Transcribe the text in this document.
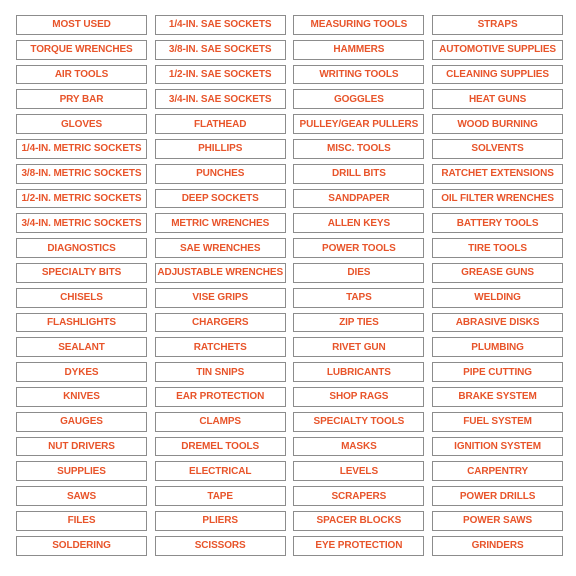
MOST USED	1/4-IN. SAE SOCKETS	MEASURING TOOLS	STRAPS
TORQUE WRENCHES	3/8-IN. SAE SOCKETS	HAMMERS	AUTOMOTIVE SUPPLIES
AIR TOOLS	1/2-IN. SAE SOCKETS	WRITING TOOLS	CLEANING SUPPLIES
PRY BAR	3/4-IN. SAE SOCKETS	GOGGLES	HEAT GUNS
GLOVES	FLATHEAD	PULLEY/GEAR PULLERS	WOOD BURNING
1/4-IN. METRIC SOCKETS	PHILLIPS	MISC. TOOLS	SOLVENTS
3/8-IN. METRIC SOCKETS	PUNCHES	DRILL BITS	RATCHET EXTENSIONS
1/2-IN. METRIC SOCKETS	DEEP SOCKETS	SANDPAPER	OIL FILTER WRENCHES
3/4-IN. METRIC SOCKETS	METRIC WRENCHES	ALLEN KEYS	BATTERY TOOLS
DIAGNOSTICS	SAE WRENCHES	POWER TOOLS	TIRE TOOLS
SPECIALTY BITS	ADJUSTABLE WRENCHES	DIES	GREASE GUNS
CHISELS	VISE GRIPS	TAPS	WELDING
FLASHLIGHTS	CHARGERS	ZIP TIES	ABRASIVE DISKS
SEALANT	RATCHETS	RIVET GUN	PLUMBING
DYKES	TIN SNIPS	LUBRICANTS	PIPE CUTTING
KNIVES	EAR PROTECTION	SHOP RAGS	BRAKE SYSTEM
GAUGES	CLAMPS	SPECIALTY TOOLS	FUEL SYSTEM
NUT DRIVERS	DREMEL TOOLS	MASKS	IGNITION SYSTEM
SUPPLIES	ELECTRICAL	LEVELS	CARPENTRY
SAWS	TAPE	SCRAPERS	POWER DRILLS
FILES	PLIERS	SPACER BLOCKS	POWER SAWS
SOLDERING	SCISSORS	EYE PROTECTION	GRINDERS
